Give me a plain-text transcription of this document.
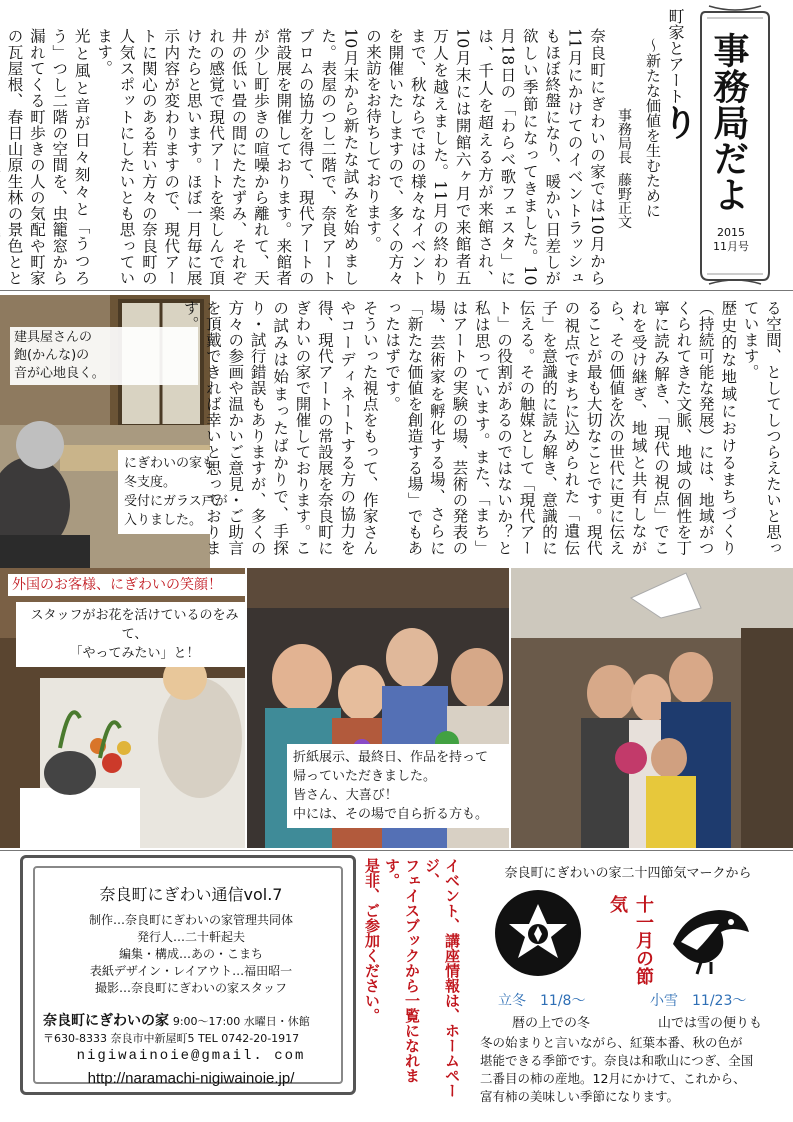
事務局だより
2015
11月号
町家とアート
～新たな価値を生むために
事務局長  藤野正文

奈良町にぎわいの家では10月から11月にかけてのイベントラッシュもほぼ終盤になり、暖かい日差しが欲しい季節になってきました。10月18日の「わらべ歌フェスタ」には、千人を超える方が来館され、10月末には開館六ヶ月で来館者五万人を越えました。11月の終わりまで、秋ならではの様々なイベントを開催いたしますので、多くの方々の来訪をお待ちしております。

10月末から新たな試みを始めました。表屋のつし二階で、奈良アートプロムの協力を得て、現代アートの常設展を開催しております。来館者が少し町歩きの喧噪から離れて、天井の低い畳の間にたたずみ、それぞれの感覚で現代アートを楽しんで頂けたらと思います。ほぼ一月毎に展示内容が変わりますので、現代アートに関心のある若い方々の奈良町の人気スポットにしたいとも思っています。

光と風と音が日々刻々と「うつろう」つし二階の空間を、虫籠窓から漏れてくる町歩きの人の気配や町家の瓦屋根、春日山原生林の景色とと

建具屋さんの
鉋(かんな)の
音が心地良く。
にぎわいの家も
冬支度。
受付にガラス戸が
入りました。	る空間、としてしつらえたいと思っています。

歴史的な地域におけるまちづくり（持続可能な発展）には、地域がつくられてきた文脈、地域の個性を丁寧に読み解き、「現代の視点」でこれを受け継ぎ、地域と共有しながら、その価値を次の世代に更に伝えることが最も大切なことです。現代の視点でまちに込められた「遺伝子」を意識的に読み解き、意識的に伝える。その触媒として「現代アート」の役割があるのではないか？と私は思っています。また、「まち」はアートの実験の場、芸術の発表の場、芸術家を孵化する場、さらに「新たな価値を創造する場」でもあったはずです。

そういった視点をもって、作家さんやコーディネートする方の協力を得、現代アートの常設展を奈良町にぎわいの家で開催しております。この試みは始まったばかりで、手探り・試行錯誤もありますが、多くの方々の参画や温かいご意見・ご助言を頂戴できれば幸いと思っております。

外国のお客様、にぎわいの笑顔！
スタッフがお花を活けているのをみて、
「やってみたい」と！
折紙展示、最終日、作品を持って
帰っていただきました。
皆さん、大喜び！
中には、その場で自ら折る方も。
奈良町にぎわい通信vol.7
制作…奈良町にぎわいの家管理共同体
発行人…二十軒起夫
編集・構成…あの・こまち
表紙デザイン・レイアウト…福田昭一
撮影…奈良町にぎわいの家スタッフ
奈良町にぎわいの家 9:00～17:00 水曜日・休館
〒630-8333 奈良市中新屋町5 TEL 0742-20-1917
nigiwainoie@gmail. com
http://naramachi-nigiwainoie.jp/	イベント、講座情報は、ホームページ、
フェイスブックから一覧になれます。
是非、ご参加ください。	奈良町にぎわいの家二十四節気マークから
十一月の節気
立冬　11/8～
暦の上での冬
小雪　11/23～
山では雪の便りも
冬の始まりと言いながら、紅葉本番、秋の色が
堪能できる季節です。奈良は和歌山につぎ、全国
二番目の柿の産地。12月にかけて、これから、
富有柿の美味しい季節になります。
